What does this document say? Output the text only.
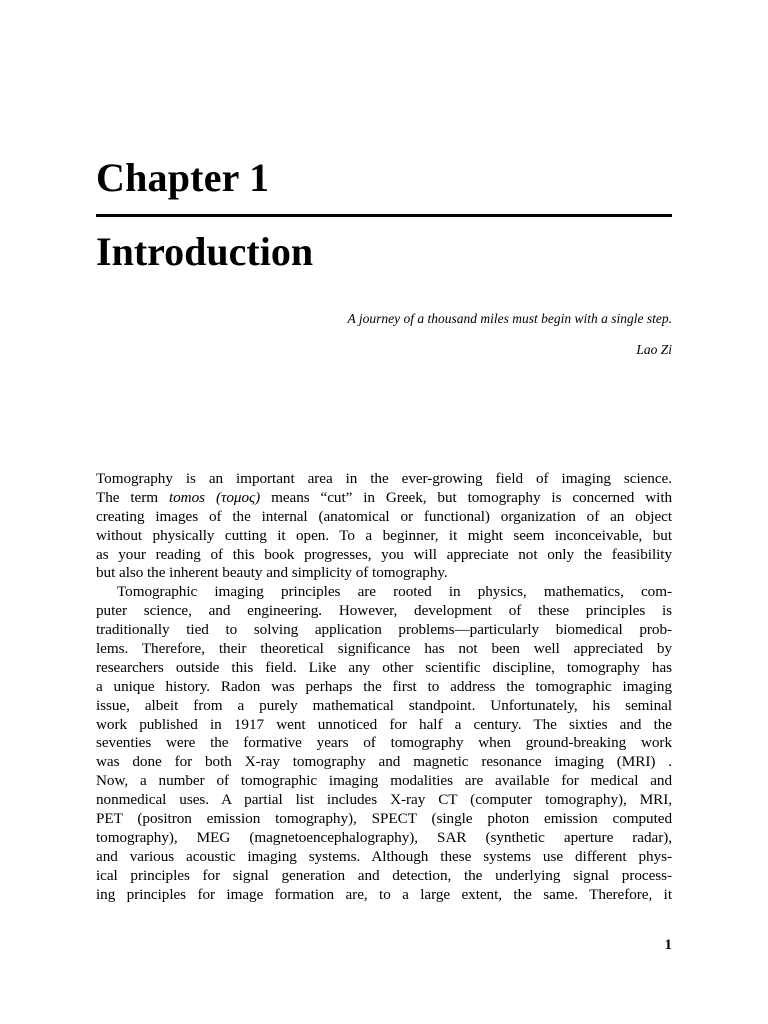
Chapter 1
Introduction
A journey of a thousand miles must begin with a single step.
Lao Zi
Tomography is an important area in the ever-growing field of imaging science.
The term tomos (τομος) means “cut” in Greek, but tomography is concerned with
creating images of the internal (anatomical or functional) organization of an object
without physically cutting it open. To a beginner, it might seem inconceivable, but
as your reading of this book progresses, you will appreciate not only the feasibility
but also the inherent beauty and simplicity of tomography.
Tomographic imaging principles are rooted in physics, mathematics, com-
puter science, and engineering. However, development of these principles is
traditionally tied to solving application problems—particularly biomedical prob-
lems. Therefore, their theoretical significance has not been well appreciated by
researchers outside this field. Like any other scientific discipline, tomography has
a unique history. Radon was perhaps the first to address the tomographic imaging
issue, albeit from a purely mathematical standpoint. Unfortunately, his seminal
work published in 1917 went unnoticed for half a century. The sixties and the
seventies were the formative years of tomography when ground-breaking work
was done for both X-ray tomography and magnetic resonance imaging (MRI) .
Now, a number of tomographic imaging modalities are available for medical and
nonmedical uses. A partial list includes X-ray CT (computer tomography), MRI,
PET (positron emission tomography), SPECT (single photon emission computed
tomography), MEG (magnetoencephalography), SAR (synthetic aperture radar),
and various acoustic imaging systems. Although these systems use different phys-
ical principles for signal generation and detection, the underlying signal process-
ing principles for image formation are, to a large extent, the same. Therefore, it
1
